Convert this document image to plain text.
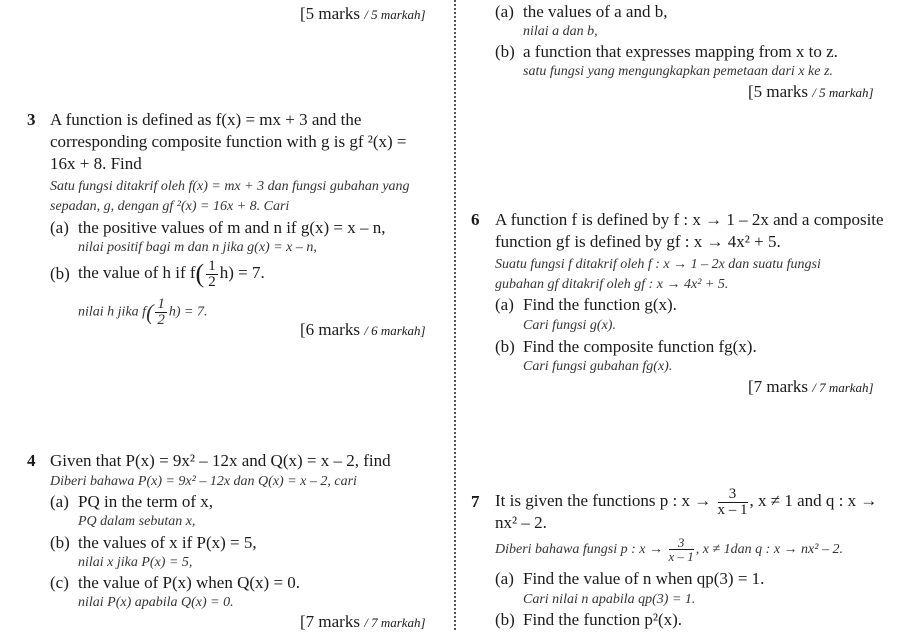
[5 marks / 5 markah]
3 A function is defined as f(x) = mx + 3 and the
corresponding composite function with g is gf ²(x) =
16x + 8. Find
Satu fungsi ditakrif oleh f(x) = mx + 3 dan fungsi gubahan yang
sepadan, g, dengan gf ²(x) = 16x + 8. Cari
(a) the positive values of m and n if g(x) = x – n,
nilai positif bagi m dan n jika g(x) = x – n,
(b) the value of h if $f( \frac{1}{2} h) = 7$.
nilai h jika $f( \frac{1}{2} h) = 7$.
[6 marks / 6 markah]
4 Given that P(x) = 9x² – 12x and Q(x) = x – 2, find
Diberi bahawa P(x) = 9x² – 12x dan Q(x) = x – 2, cari
(a) PQ in the term of x,
PQ dalam sebutan x,
(b) the values of x if P(x) = 5,
nilai x jika P(x) = 5,
(c) the value of P(x) when Q(x) = 0.
nilai P(x) apabila Q(x) = 0.
[7 marks / 7 markah]
(a) the values of a and b,
nilai a dan b,
(b) a function that expresses mapping from x to z.
satu fungsi yang mengungkapkan pemetaan dari x ke z.
[5 marks / 5 markah]
6 A function f is defined by f : x → 1 – 2x and a composite
function gf is defined by gf : x → 4x² + 5.
Suatu fungsi f ditakrif oleh f : x → 1 – 2x dan suatu fungsi
gubahan gf ditakrif oleh gf : x → 4x² + 5.
(a) Find the function g(x).
Cari fungsi g(x).
(b) Find the composite function fg(x).
Cari fungsi gubahan fg(x).
[7 marks / 7 markah]
7 It is given the functions p : $x \to \frac{3}{x - 1}$ , x ≠ 1 and q : x →
nx² – 2.
Diberi bahawa fungsi p : $x \to \frac{3}{x - 1}$ , x ≠ 1dan q : x → nx² – 2.
(a) Find the value of n when qp(3) = 1.
Cari nilai n apabila qp(3) = 1.
(b) Find the function p²(x).
